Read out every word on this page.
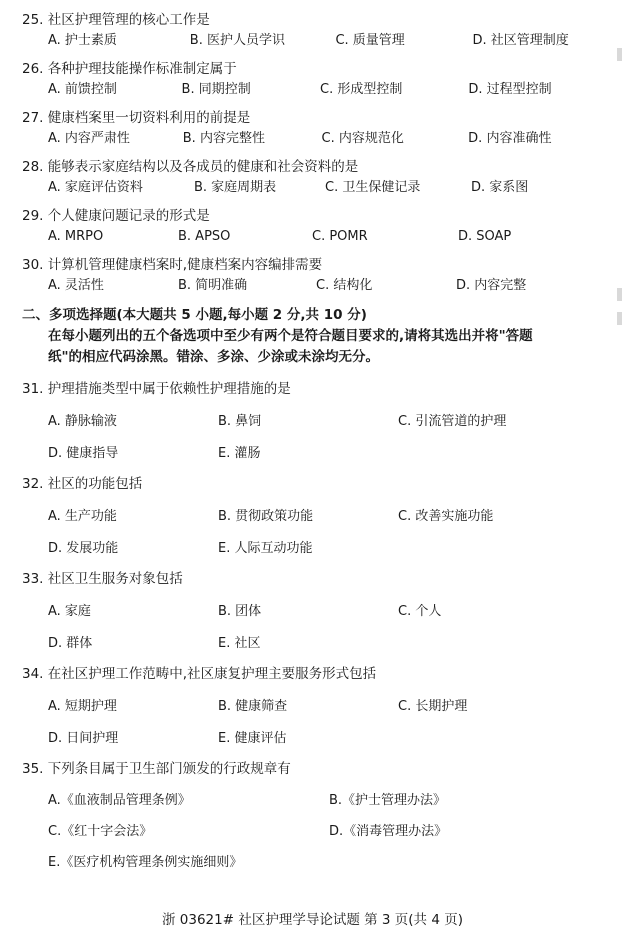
25. 社区护理管理的核心工作是
A. 护士素质	B. 医护人员学识	C. 质量管理	D. 社区管理制度
26. 各种护理技能操作标准制定属于
A. 前馈控制	B. 同期控制	C. 形成型控制	D. 过程型控制
27. 健康档案里一切资料利用的前提是
A. 内容严肃性	B. 内容完整性	C. 内容规范化	D. 内容准确性
28. 能够表示家庭结构以及各成员的健康和社会资料的是
A. 家庭评估资料	B. 家庭周期表	C. 卫生保健记录	D. 家系图
29. 个人健康问题记录的形式是
A. MRPO	B. APSO	C. POMR	D. SOAP
30. 计算机管理健康档案时,健康档案内容编排需要
A. 灵活性	B. 简明准确	C. 结构化	D. 内容完整
二、多项选择题(本大题共 5 小题,每小题 2 分,共 10 分)
在每小题列出的五个备选项中至少有两个是符合题目要求的,请将其选出并将"答题
纸"的相应代码涂黑。错涂、多涂、少涂或未涂均无分。
31. 护理措施类型中属于依赖性护理措施的是
A. 静脉输液	B. 鼻饲	C. 引流管道的护理
D. 健康指导	E. 灌肠
32. 社区的功能包括
A. 生产功能	B. 贯彻政策功能	C. 改善实施功能
D. 发展功能	E. 人际互动功能
33. 社区卫生服务对象包括
A. 家庭	B. 团体	C. 个人
D. 群体	E. 社区
34. 在社区护理工作范畴中,社区康复护理主要服务形式包括
A. 短期护理	B. 健康筛查	C. 长期护理
D. 日间护理	E. 健康评估
35. 下列条目属于卫生部门颁发的行政规章有
A.《血液制品管理条例》	B.《护士管理办法》
C.《红十字会法》	D.《消毒管理办法》
E.《医疗机构管理条例实施细则》
浙 03621# 社区护理学导论试题 第 3 页(共 4 页)
